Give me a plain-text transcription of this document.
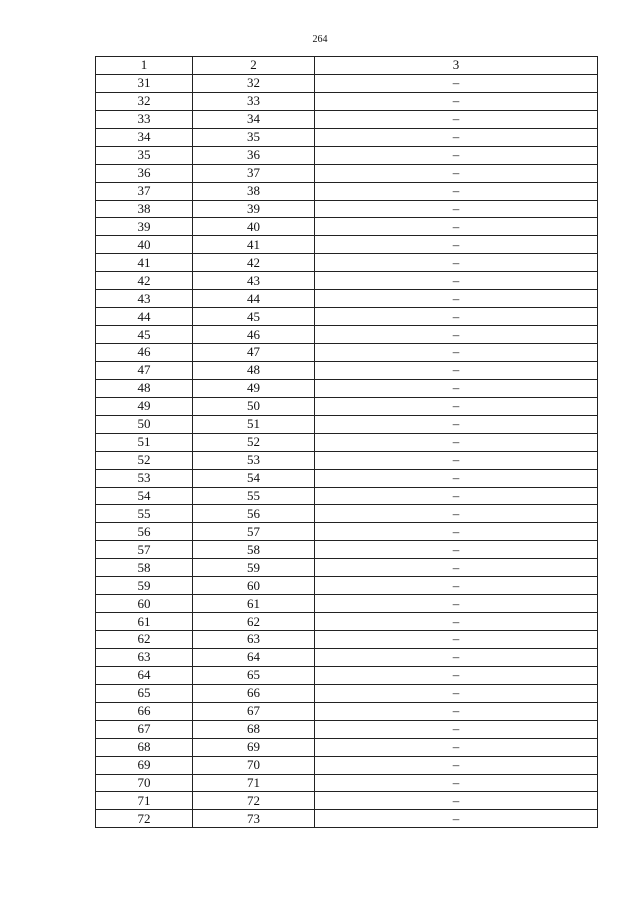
264
1	2	3
31	32	–
32	33	–
33	34	–
34	35	–
35	36	–
36	37	–
37	38	–
38	39	–
39	40	–
40	41	–
41	42	–
42	43	–
43	44	–
44	45	–
45	46	–
46	47	–
47	48	–
48	49	–
49	50	–
50	51	–
51	52	–
52	53	–
53	54	–
54	55	–
55	56	–
56	57	–
57	58	–
58	59	–
59	60	–
60	61	–
61	62	–
62	63	–
63	64	–
64	65	–
65	66	–
66	67	–
67	68	–
68	69	–
69	70	–
70	71	–
71	72	–
72	73	–
